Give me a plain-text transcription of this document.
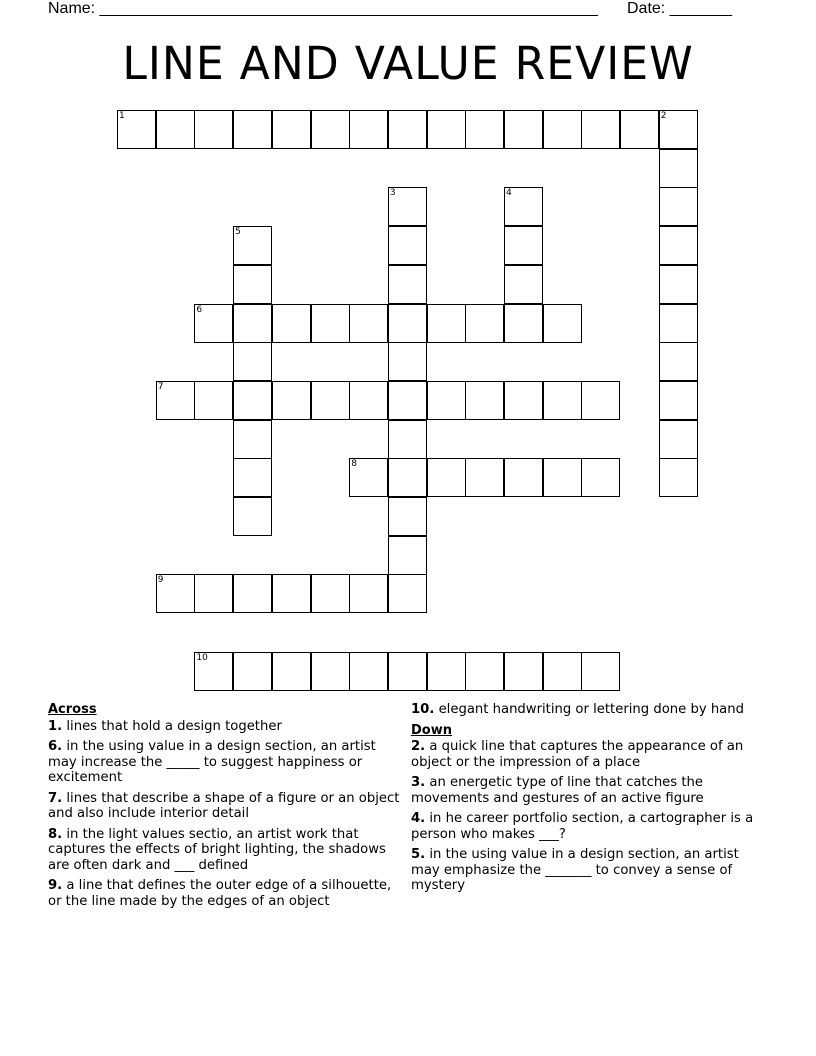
Name: ________________________________________________________ Date: _______
LINE AND VALUE REVIEW
1	2
3	4
5
6
7
8
9
10
Across
1. lines that hold a design together
6. in the using value in a design section, an artist may increase the _____ to suggest happiness or excitement
7. lines that describe a shape of a figure or an object and also include interior detail
8. in the light values sectio, an artist work that captures the effects of bright lighting, the shadows are often dark and ___ defined
9. a line that defines the outer edge of a silhouette, or the line made by the edges of an object
10. elegant handwriting or lettering done by hand
Down
2. a quick line that captures the appearance of an object or the impression of a place
3. an energetic type of line that catches the movements and gestures of an active figure
4. in he career portfolio section, a cartographer is a person who makes ___?
5. in the using value in a design section, an artist may emphasize the _______ to convey a sense of mystery
